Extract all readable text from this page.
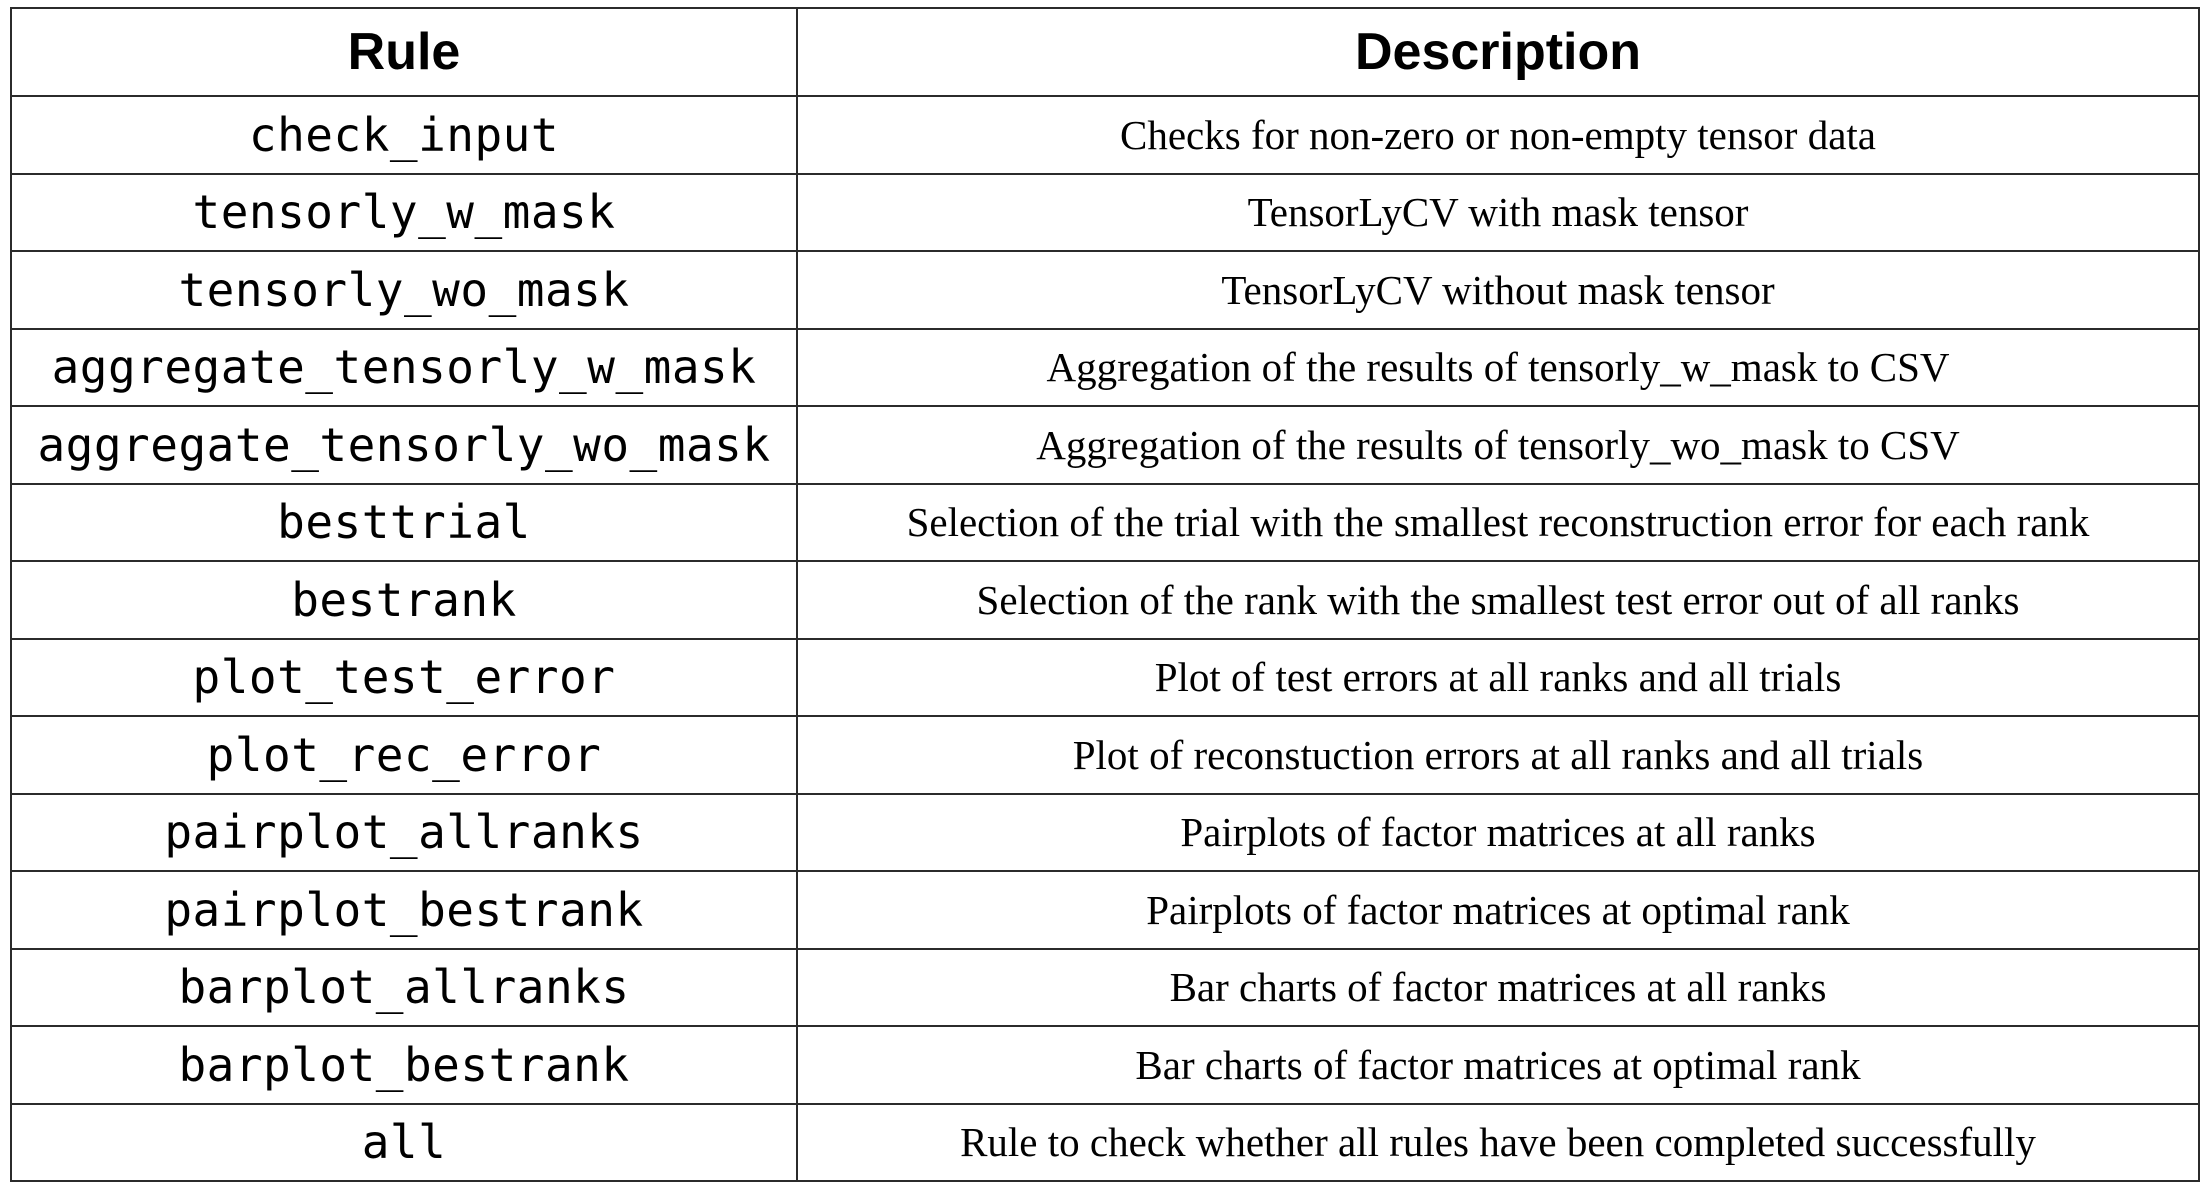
Rule	Description
check_input	Checks for non-zero or non-empty tensor data
tensorly_w_mask	TensorLyCV with mask tensor
tensorly_wo_mask	TensorLyCV without mask tensor
aggregate_tensorly_w_mask	Aggregation of the results of tensorly_w_mask to CSV
aggregate_tensorly_wo_mask	Aggregation of the results of tensorly_wo_mask to CSV
besttrial	Selection of the trial with the smallest reconstruction error for each rank
bestrank	Selection of the rank with the smallest test error out of all ranks
plot_test_error	Plot of test errors at all ranks and all trials
plot_rec_error	Plot of reconstuction errors at all ranks and all trials
pairplot_allranks	Pairplots of factor matrices at all ranks
pairplot_bestrank	Pairplots of factor matrices at optimal rank
barplot_allranks	Bar charts of factor matrices at all ranks
barplot_bestrank	Bar charts of factor matrices at optimal rank
all	Rule to check whether all rules have been completed successfully
